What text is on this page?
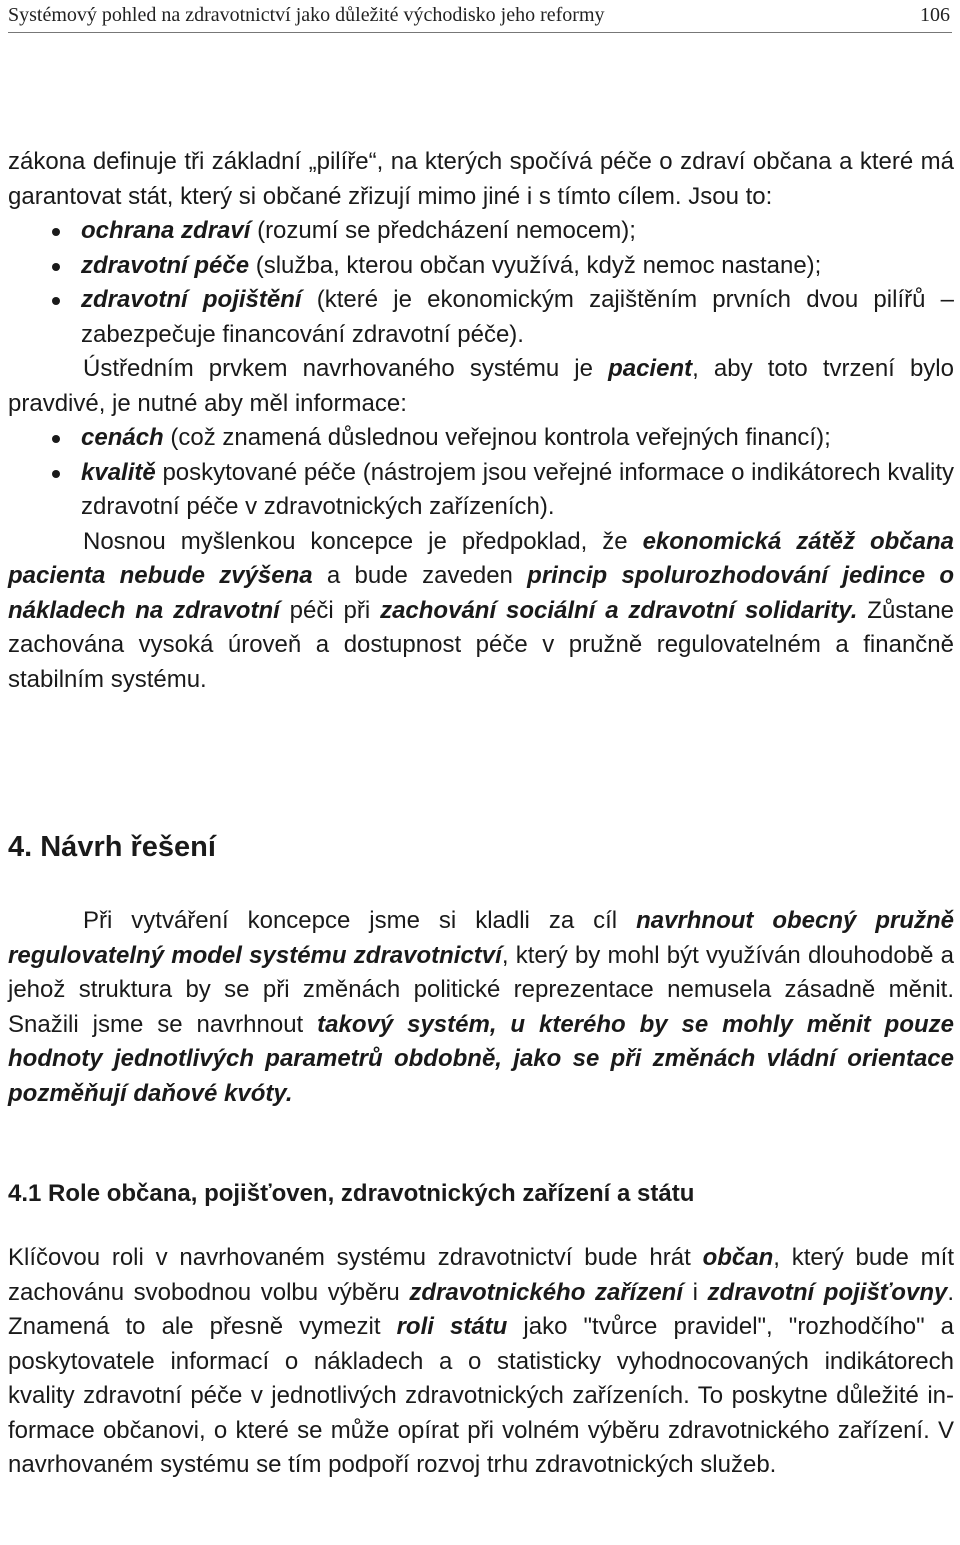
Systémový pohled na zdravotnictví jako důležité východisko jeho reformy	106

zákona definuje tři základní „pilíře“, na kterých spočívá péče o zdraví občana a které má garantovat stát, který si občané zřizují mimo jiné i s tímto cílem. Jsou to:

ochrana zdraví (rozumí se předcházení nemocem);
zdravotní péče (služba, kterou občan využívá, když nemoc nastane);
zdravotní pojištění (které je ekonomickým zajištěním prvních dvou pilířů – zabezpečuje financování zdravotní péče).

Ústředním prvkem navrhovaného systému je pacient, aby toto tvrzení bylo pravdivé, je nutné aby měl informace:

cenách (což znamená důslednou veřejnou kontrola veřejných financí);
kvalitě poskytované péče (nástrojem jsou veřejné informace o indikátorech kvality zdravotní péče v zdravotnických zařízeních).

Nosnou myšlenkou koncepce je předpoklad, že ekonomická zátěž občana pacienta nebude zvýšena a bude zaveden princip spolurozhodování jedince o nákladech na zdravotní péči při zachování sociální a zdravotní solidarity. Zůstane zachována vysoká úroveň a dostupnost péče v pružně regulovatelném a finančně stabilním systému.

4. Návrh řešení

Při vytváření koncepce jsme si kladli za cíl navrhnout obecný pružně regulovatelný model systému zdravotnictví, který by mohl být využíván dlouhodobě a jehož struktura by se při změnách politické reprezentace nemusela zásadně měnit. Snažili jsme se navrhnout takový systém, u kterého by se mohly měnit pouze hodnoty jednotlivých parametrů obdobně, jako se při změnách vládní orientace pozměňují daňové kvóty.

4.1 Role občana, pojišťoven, zdravotnických zařízení a státu

Klíčovou roli v navrhovaném systému zdravotnictví bude hrát občan, který bude mít zachovánu svobodnou volbu výběru zdravotnického zařízení i zdravotní pojišťovny. Znamená to ale přesně vymezit roli státu jako "tvůrce pravidel", "rozhodčího" a poskytovatele informací o nákladech a o statisticky vyhodnocovaných indikátorech kvality zdravotní péče v jednotlivých zdravotnických zařízeních. To poskytne důležité informace občanovi, o které se může opírat při volném výběru zdravotnického zařízení. V navrhovaném systému se tím podpoří rozvoj trhu zdravotnických služeb.
